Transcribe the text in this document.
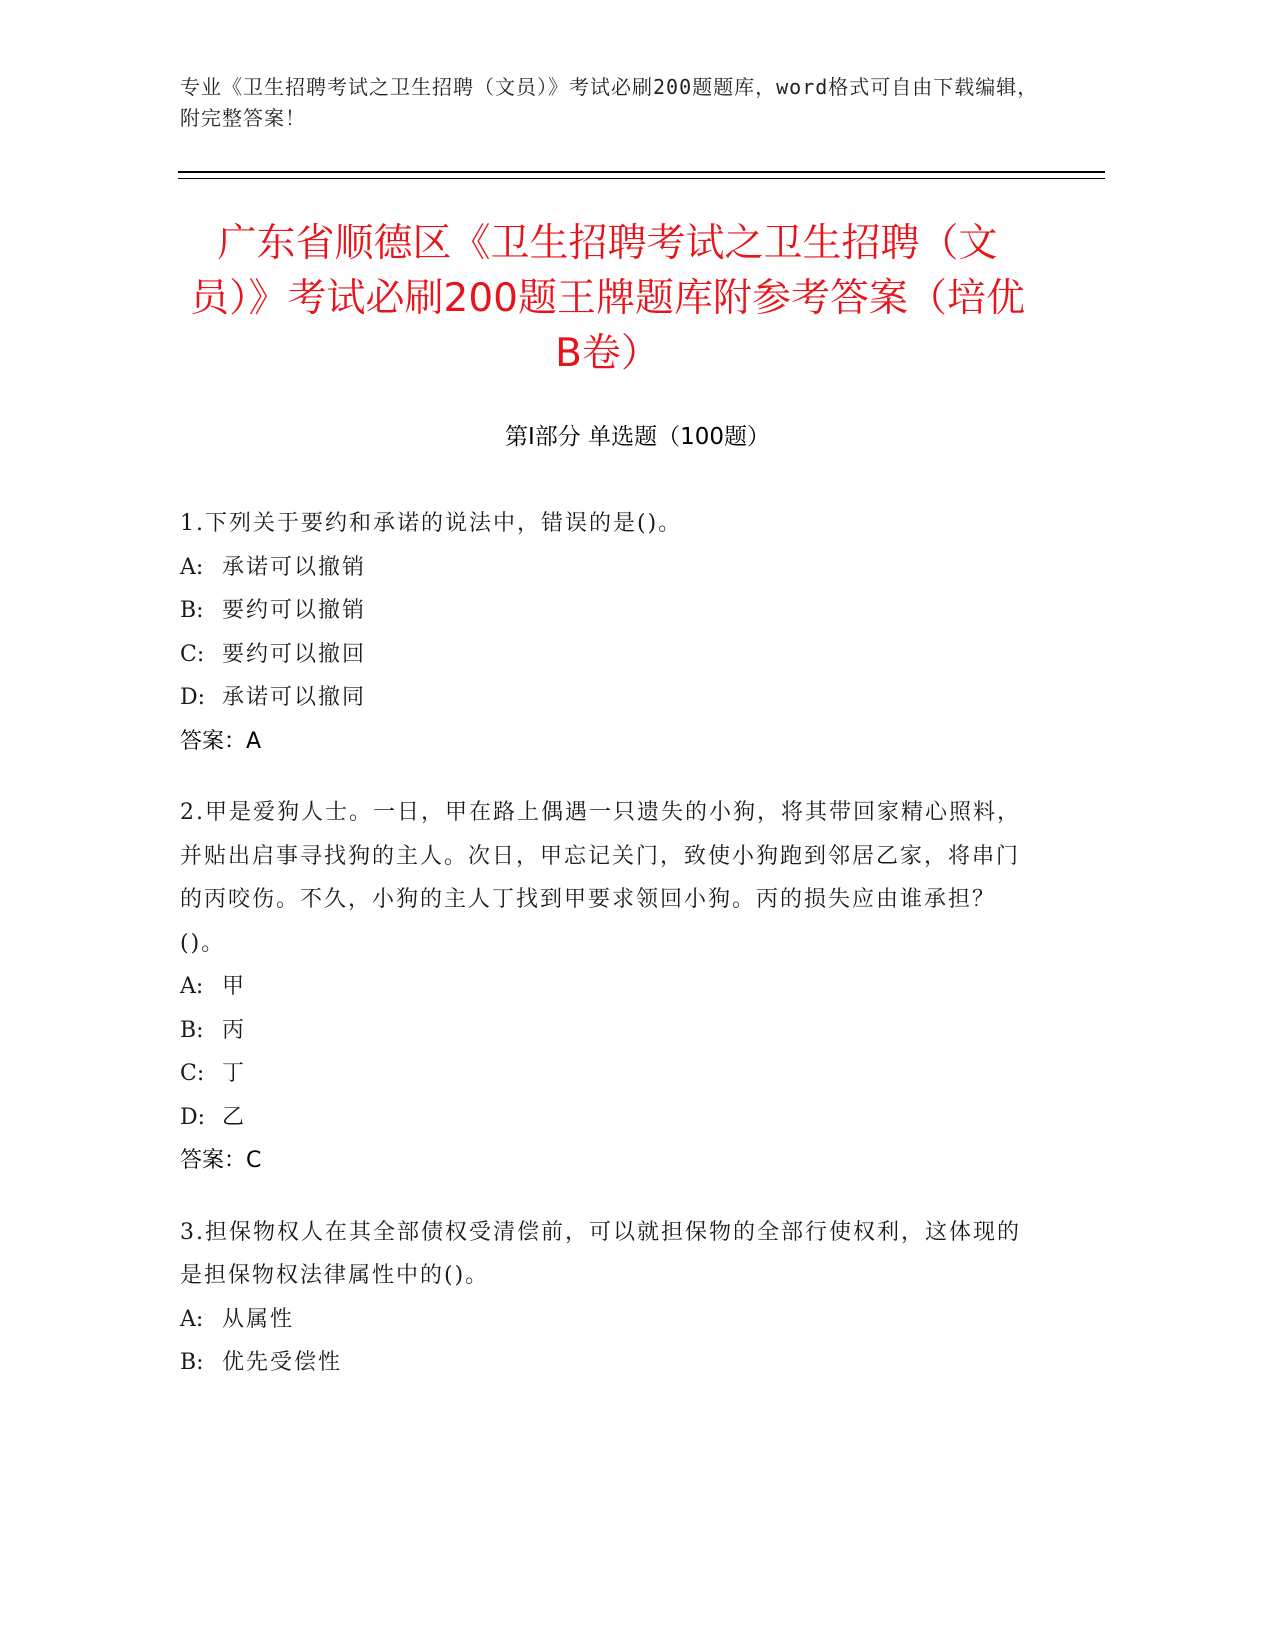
专业《卫生招聘考试之卫生招聘（文员）》考试必刷200题题库，word格式可自由下载编辑，附完整答案！
广东省顺德区《卫生招聘考试之卫生招聘（文员）》考试必刷200题王牌题库附参考答案（培优B卷）
第Ⅰ部分 单选题（100题）
1.下列关于要约和承诺的说法中，错误的是()。
A: 承诺可以撤销
B: 要约可以撤销
C: 要约可以撤回
D: 承诺可以撤同
答案：A
2.甲是爱狗人士。一日，甲在路上偶遇一只遗失的小狗，将其带回家精心照料，并贴出启事寻找狗的主人。次日，甲忘记关门，致使小狗跑到邻居乙家，将串门的丙咬伤。不久，小狗的主人丁找到甲要求领回小狗。丙的损失应由谁承担？()。
A: 甲
B: 丙
C: 丁
D: 乙
答案：C
3.担保物权人在其全部债权受清偿前，可以就担保物的全部行使权利，这体现的是担保物权法律属性中的()。
A: 从属性
B: 优先受偿性
